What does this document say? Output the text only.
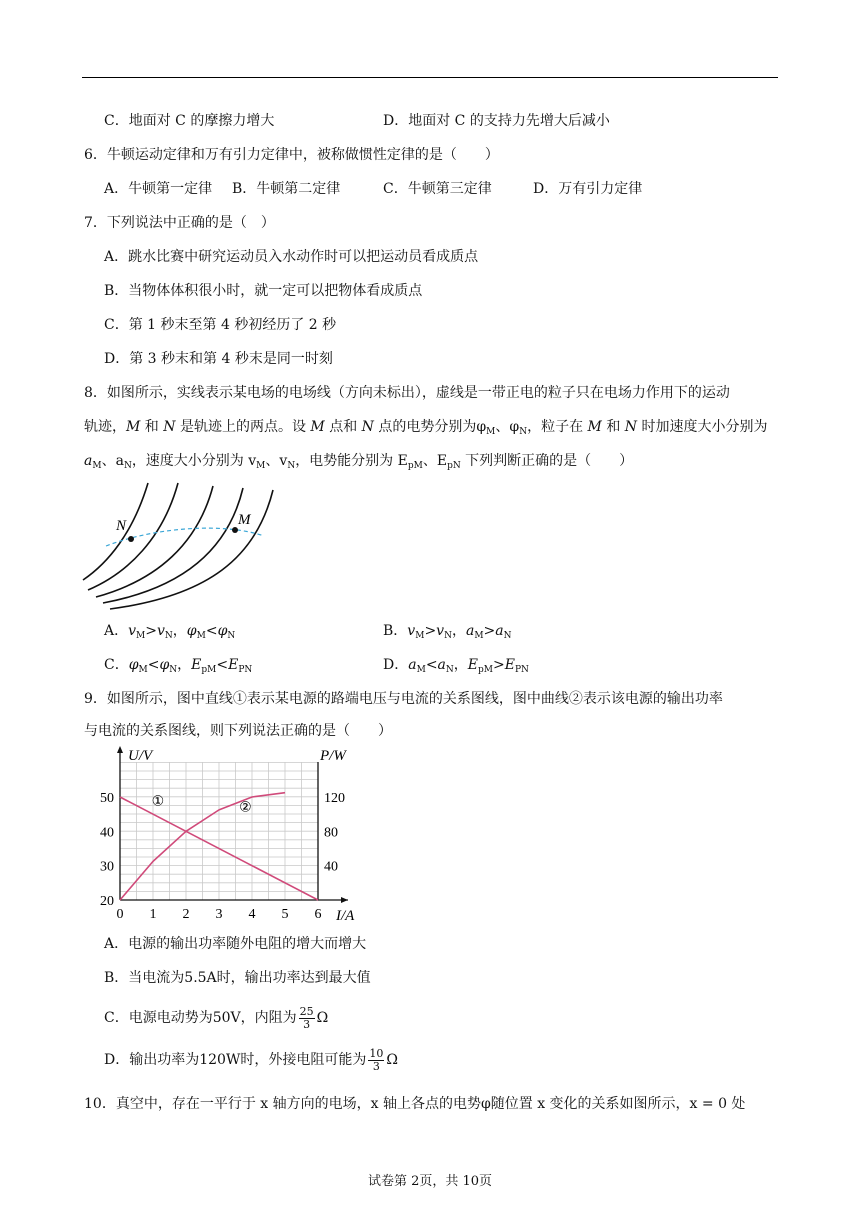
C．地面对 C 的摩擦力增大	D．地面对 C 的支持力先增大后减小
6．牛顿运动定律和万有引力定律中，被称做惯性定律的是（　　）
A．牛顿第一定律 B．牛顿第二定律	C．牛顿第三定律	D．万有引力定律
7．下列说法中正确的是（　）
A．跳水比赛中研究运动员入水动作时可以把运动员看成质点
B．当物体体积很小时，就一定可以把物体看成质点
C．第 1 秒末至第 4 秒初经历了 2 秒
D．第 3 秒末和第 4 秒末是同一时刻
8．如图所示，实线表示某电场的电场线（方向未标出），虚线是一带正电的粒子只在电场力作用下的运动
轨迹，M 和 N 是轨迹上的两点。设 M 点和 N 点的电势分别为$\varphi_M$、$\varphi_N$，粒子在 M 和 N 时加速度大小分别为
$a_M$、$a_N$，速度大小分别为 $v_M$、$v_N$，电势能分别为 $E_{pM}$、$E_{pN}$ 下列判断正确的是（　　）
N	M
A．$v_M>v_N$，$\varphi_M<\varphi_N$	B．$v_M>v_N$，$a_M>a_N$
C．$\varphi_M<\varphi_N$，$E_{pM}<E_{PN}$	D．$a_M<a_N$，$E_{pM}>E_{PN}$
9．如图所示，图中直线①表示某电源的路端电压与电流的关系图线，图中曲线②表示该电源的输出功率
与电流的关系图线，则下列说法正确的是（　　）
U/V	P/W
I/A
0 1 2 3 4 5 6
20
30
40
50
40
80
120
①	②
A．电源的输出功率随外电阻的增大而增大
B．当电流为5.5A时，输出功率达到最大值
C．电源电动势为50V，内阻为 $\frac{25}{3}$ Ω
D．输出功率为120W时，外接电阻可能为 $\frac{10}{3}$ Ω
10．真空中，存在一平行于 x 轴方向的电场，x 轴上各点的电势φ随位置 x 变化的关系如图所示，x = 0 处
试卷第 2页，共 10页
